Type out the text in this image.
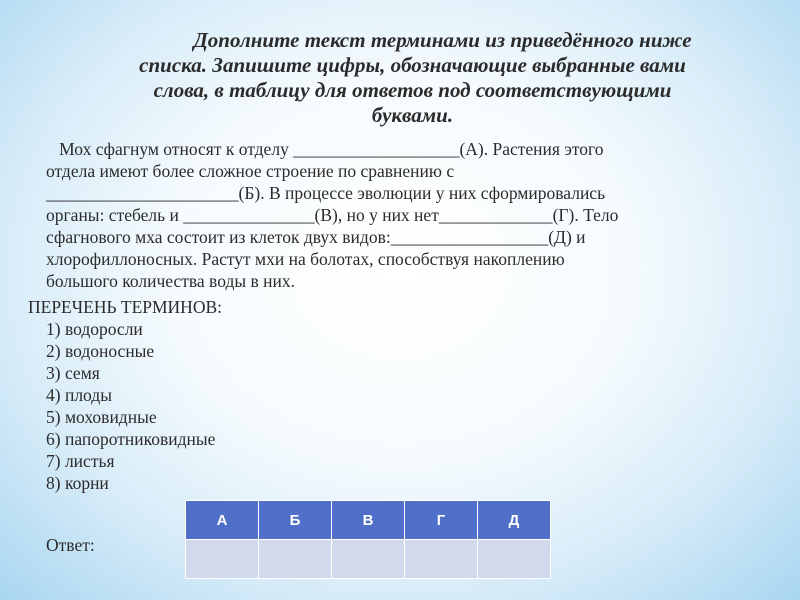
Дополните текст терминами из приведённого ниже
списка. Запишите цифры, обозначающие выбранные вами
слова, в таблицу для ответов под соответствующими
буквами.
Мох сфагнум относят к отделу ___________________(А). Растения этого
отдела имеют более сложное строение по сравнению с
______________________(Б). В процессе эволюции у них сформировались
органы: стебель и _______________(В), но у них нет_____________(Г). Тело
сфагнового мха состоит из клеток двух видов:__________________(Д) и
хлорофиллоносных. Растут мхи на болотах, способствуя накоплению
большого количества воды в них.
ПЕРЕЧЕНЬ ТЕРМИНОВ:
1) водоросли
2) водоносные
3) семя
4) плоды
5) моховидные
6) папоротниковидные
7) листья
8) корни
Ответ:
А	Б	В	Г	Д
